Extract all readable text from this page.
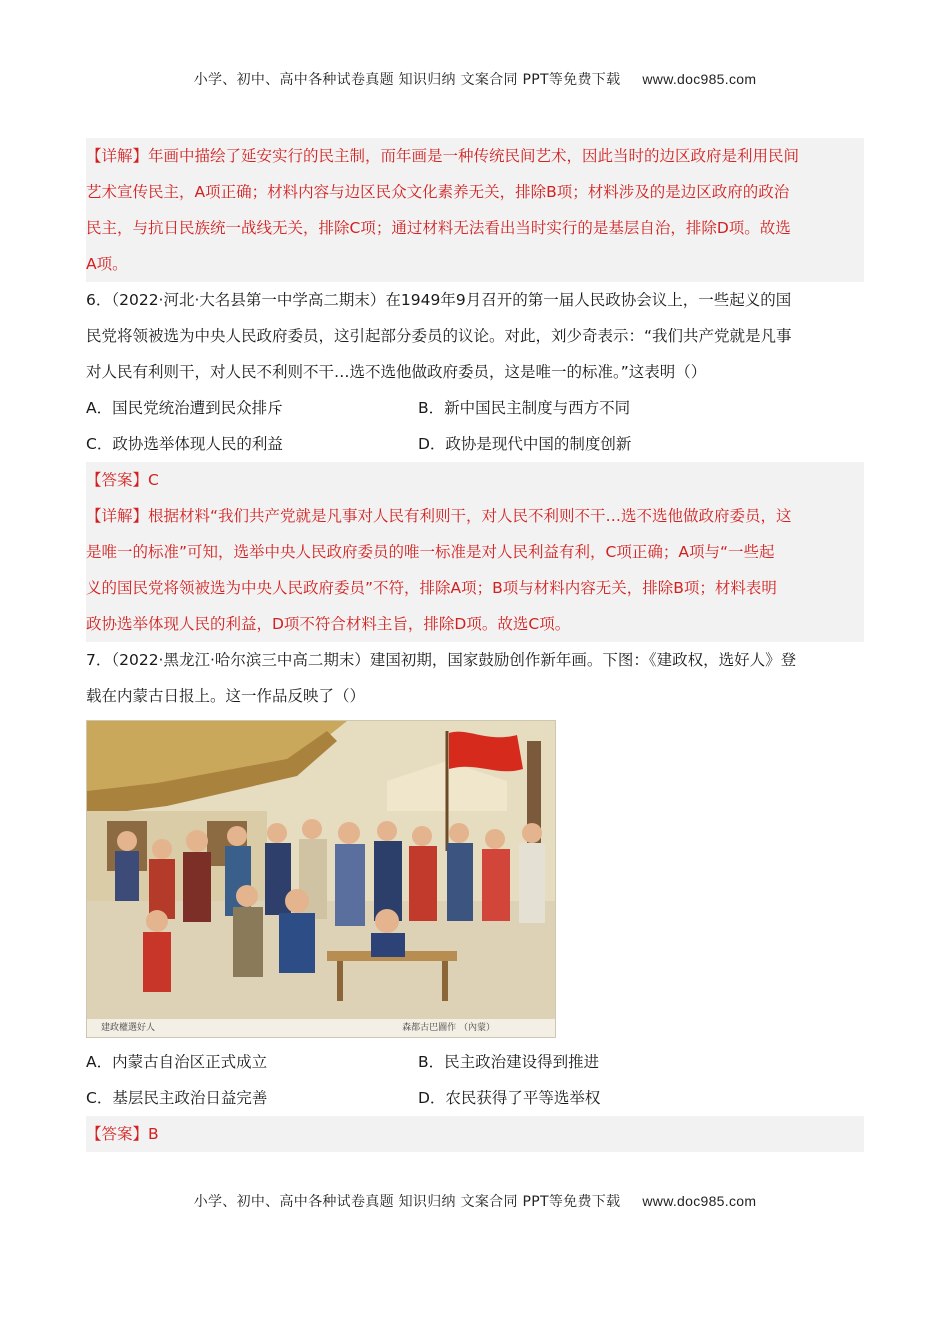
小学、初中、高中各种试卷真题 知识归纳 文案合同 PPT等免费下载 www.doc985.com
【详解】年画中描绘了延安实行的民主制，而年画是一种传统民间艺术，因此当时的边区政府是利用民间
艺术宣传民主，A项正确；材料内容与边区民众文化素养无关，排除B项；材料涉及的是边区政府的政治
民主，与抗日民族统一战线无关，排除C项；通过材料无法看出当时实行的是基层自治，排除D项。故选
A项。
6．（2022·河北·大名县第一中学高二期末）在1949年9月召开的第一届人民政协会议上，一些起义的国
民党将领被选为中央人民政府委员，这引起部分委员的议论。对此，刘少奇表示：“我们共产党就是凡事
对人民有利则干，对人民不利则不干…选不选他做政府委员，这是唯一的标准。”这表明（）
A．国民党统治遭到民众排斥	B．新中国民主制度与西方不同
C．政协选举体现人民的利益	D．政协是现代中国的制度创新
【答案】C
【详解】根据材料“我们共产党就是凡事对人民有利则干，对人民不利则不干…选不选他做政府委员，这
是唯一的标准”可知，选举中央人民政府委员的唯一标准是对人民利益有利，C项正确；A项与“一些起
义的国民党将领被选为中央人民政府委员”不符，排除A项；B项与材料内容无关，排除B项；材料表明
政协选举体现人民的利益，D项不符合材料主旨，排除D项。故选C项。
7．（2022·黑龙江·哈尔滨三中高二期末）建国初期，国家鼓励创作新年画。下图：《建政权，选好人》登
载在内蒙古日报上。这一作品反映了（）
建政權選好人	森都古巴圖作 （內蒙）
A．内蒙古自治区正式成立	B．民主政治建设得到推进
C．基层民主政治日益完善	D．农民获得了平等选举权
【答案】B
小学、初中、高中各种试卷真题 知识归纳 文案合同 PPT等免费下载 www.doc985.com
